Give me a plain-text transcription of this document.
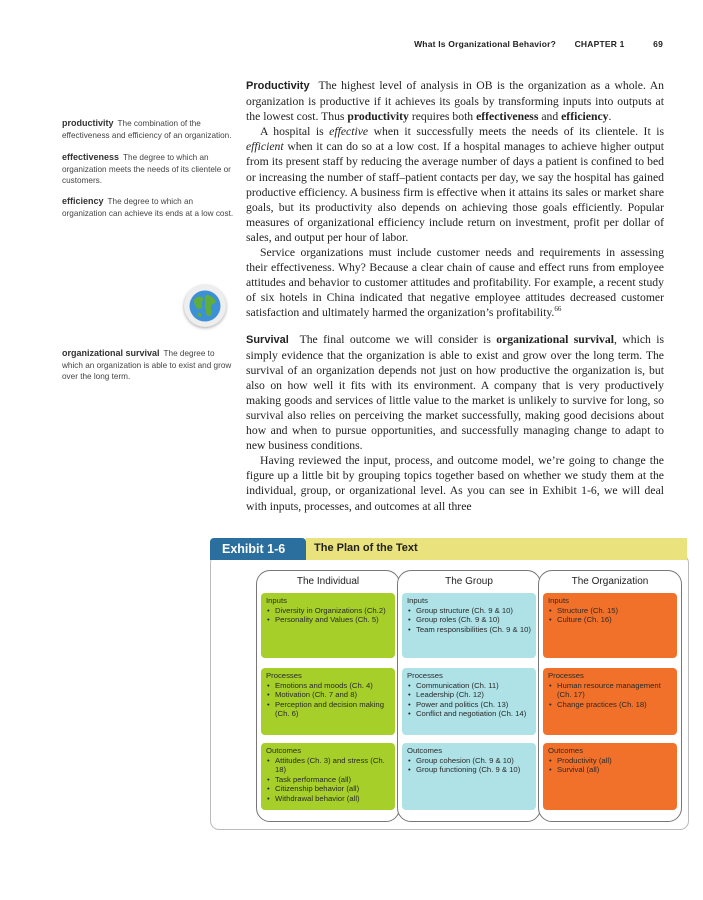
What Is Organizational Behavior? CHAPTER 1	69
productivity The combination of the effectiveness and efficiency of an organization.
effectiveness The degree to which an organization meets the needs of its clientele or customers.
efficiency The degree to which an organization can achieve its ends at a low cost.
organizational survival The degree to which an organization is able to exist and grow over the long term.

Productivity The highest level of analysis in OB is the organization as a whole. An organization is productive if it achieves its goals by transforming inputs into outputs at the lowest cost. Thus productivity requires both effectiveness and efficiency.

A hospital is effective when it successfully meets the needs of its clientele. It is efficient when it can do so at a low cost. If a hospital manages to achieve higher output from its present staff by reducing the average number of days a patient is confined to bed or increasing the number of staff–patient contacts per day, we say the hospital has gained productive efficiency. A business firm is effective when it attains its sales or market share goals, but its productivity also depends on achieving those goals efficiently. Popular measures of organizational efficiency include return on investment, profit per dollar of sales, and output per hour of labor.

Service organizations must include customer needs and requirements in assessing their effectiveness. Why? Because a clear chain of cause and effect runs from employee attitudes and behavior to customer attitudes and profitability. For example, a recent study of six hotels in China indicated that negative employee attitudes decreased customer satisfaction and ultimately harmed the organization’s profitability.$^{66}$

Survival The final outcome we will consider is organizational survival, which is simply evidence that the organization is able to exist and grow over the long term. The survival of an organization depends not just on how productive the organization is, but also on how well it fits with its environment. A company that is very productively making goods and services of little value to the market is unlikely to survive for long, so survival also relies on perceiving the market successfully, making good decisions about how and when to pursue opportunities, and successfully managing change to adapt to new business conditions.

Having reviewed the input, process, and outcome model, we’re going to change the figure up a little bit by grouping topics together based on whether we study them at the individual, group, or organizational level. As you can see in Exhibit 1-6, we will deal with inputs, processes, and outcomes at all three

Exhibit 1-6	The Plan of the Text
The Individual
Inputs
• Diversity in Organizations (Ch.2)
• Personality and Values (Ch. 5)
Processes
• Emotions and moods (Ch. 4)
• Motivation (Ch. 7 and 8)
• Perception and decision making (Ch. 6)
Outcomes
• Attitudes (Ch. 3) and stress (Ch. 18)
• Task performance (all)
• Citizenship behavior (all)
• Withdrawal behavior (all)
The Group
Inputs
• Group structure (Ch. 9 & 10)
• Group roles (Ch. 9 & 10)
• Team responsibilities (Ch. 9 & 10)
Processes
• Communication (Ch. 11)
• Leadership (Ch. 12)
• Power and politics (Ch. 13)
• Conflict and negotiation (Ch. 14)
Outcomes
• Group cohesion (Ch. 9 & 10)
• Group functioning (Ch. 9 & 10)
The Organization
Inputs
• Structure (Ch. 15)
• Culture (Ch. 16)
Processes
• Human resource management (Ch. 17)
• Change practices (Ch. 18)
Outcomes
• Productivity (all)
• Survival (all)
